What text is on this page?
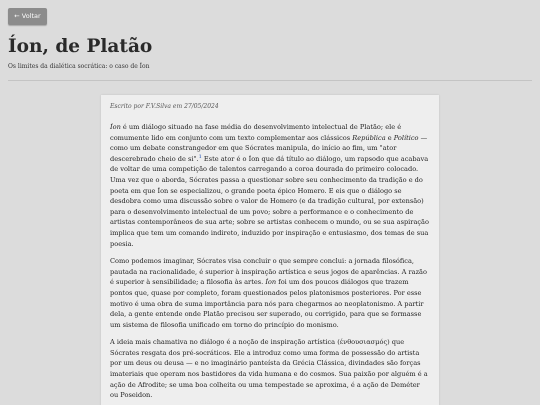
← Voltar
Íon, de Platão

Os limites da dialética socrática: o caso de Íon

Escrito por F.V.Silva em 27/05/2024

Íon é um diálogo situado na fase média do desenvolvimento intelectual de Platão; ele é comumente lido em conjunto com um texto complementar aos clássicos República e Político — como um debate constrangedor em que Sócrates manipula, do início ao fim, um "ator descerebrado cheio de si".$^1$ Este ator é o Íon que dá título ao diálogo, um rapsodo que acabava de voltar de uma competição de talentos carregando a coroa dourada do primeiro colocado. Uma vez que o aborda, Sócrates passa a questionar sobre seu conhecimento da tradição e do poeta em que Íon se especializou, o grande poeta épico Homero. E eis que o diálogo se desdobra como uma discussão sobre o valor de Homero (e da tradição cultural, por extensão) para o desenvolvimento intelectual de um povo; sobre a performance e o conhecimento de artistas contemporâneos de sua arte; sobre se artistas conhecem o mundo, ou se sua aspiração implica que tem um comando indireto, induzido por inspiração e entusiasmo, dos temas de sua poesia.

Como podemos imaginar, Sócrates visa concluir o que sempre conclui: a jornada filosófica, pautada na racionalidade, é superior à inspiração artística e seus jogos de aparências. A razão é superior à sensibilidade; a filosofia às artes. Íon foi um dos poucos diálogos que trazem pontos que, quase por completo, foram questionados pelos platonismos posteriores. Por esse motivo é uma obra de suma importância para nós para chegarmos ao neoplatonismo. A partir dela, a gente entende onde Platão precisou ser superado, ou corrigido, para que se formasse um sistema de filosofia unificado em torno do princípio do monismo.

A ideia mais chamativa no diálogo é a noção de inspiração artística (ένθουσιασμός) que Sócrates resgata dos pré-socráticos. Ele a introduz como uma forma de possessão do artista por um deus ou deusa — e no imaginário panteísta da Grécia Clássica, divindades são forças imateriais que operam nos bastidores da vida humana e do cosmos. Sua paixão por alguém é a ação de Afrodite; se uma boa colheita ou uma tempestade se aproxima, é a ação de Deméter ou Poseidon.
